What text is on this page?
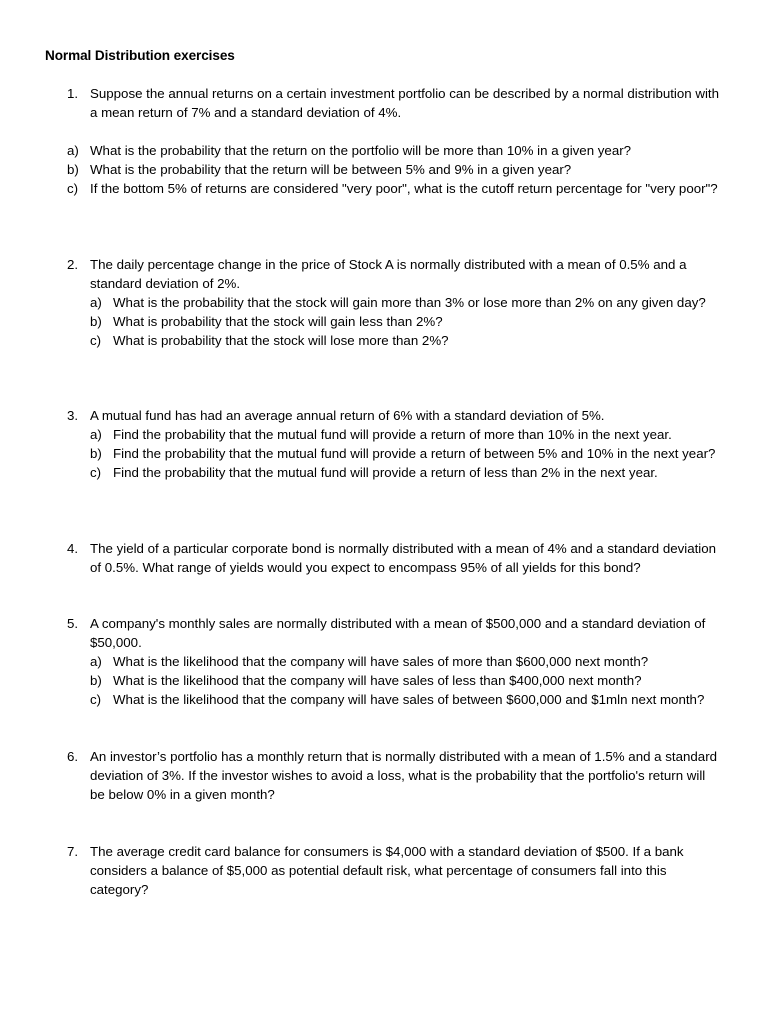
Normal Distribution exercises
1. Suppose the annual returns on a certain investment portfolio can be described by a normal distribution with a mean return of 7% and a standard deviation of 4%.
a) What is the probability that the return on the portfolio will be more than 10% in a given year?
b) What is the probability that the return will be between 5% and 9% in a given year?
c) If the bottom 5% of returns are considered "very poor", what is the cutoff return percentage for "very poor"?
2. The daily percentage change in the price of Stock A is normally distributed with a mean of 0.5% and a standard deviation of 2%.
a) What is the probability that the stock will gain more than 3% or lose more than 2% on any given day?
b) What is probability that the stock will gain less than 2%?
c) What is probability that the stock will lose more than 2%?
3. A mutual fund has had an average annual return of 6% with a standard deviation of 5%.
a) Find the probability that the mutual fund will provide a return of more than 10% in the next year.
b) Find the probability that the mutual fund will provide a return of between 5% and 10% in the next year?
c) Find the probability that the mutual fund will provide a return of less than 2% in the next year.
4. The yield of a particular corporate bond is normally distributed with a mean of 4% and a standard deviation of 0.5%. What range of yields would you expect to encompass 95% of all yields for this bond?
5. A company's monthly sales are normally distributed with a mean of $500,000 and a standard deviation of $50,000.
a) What is the likelihood that the company will have sales of more than $600,000 next month?
b) What is the likelihood that the company will have sales of less than $400,000 next month?
c) What is the likelihood that the company will have sales of between $600,000 and $1mln next month?
6. An investor’s portfolio has a monthly return that is normally distributed with a mean of 1.5% and a standard deviation of 3%. If the investor wishes to avoid a loss, what is the probability that the portfolio's return will be below 0% in a given month?
7. The average credit card balance for consumers is $4,000 with a standard deviation of $500. If a bank considers a balance of $5,000 as potential default risk, what percentage of consumers fall into this category?
